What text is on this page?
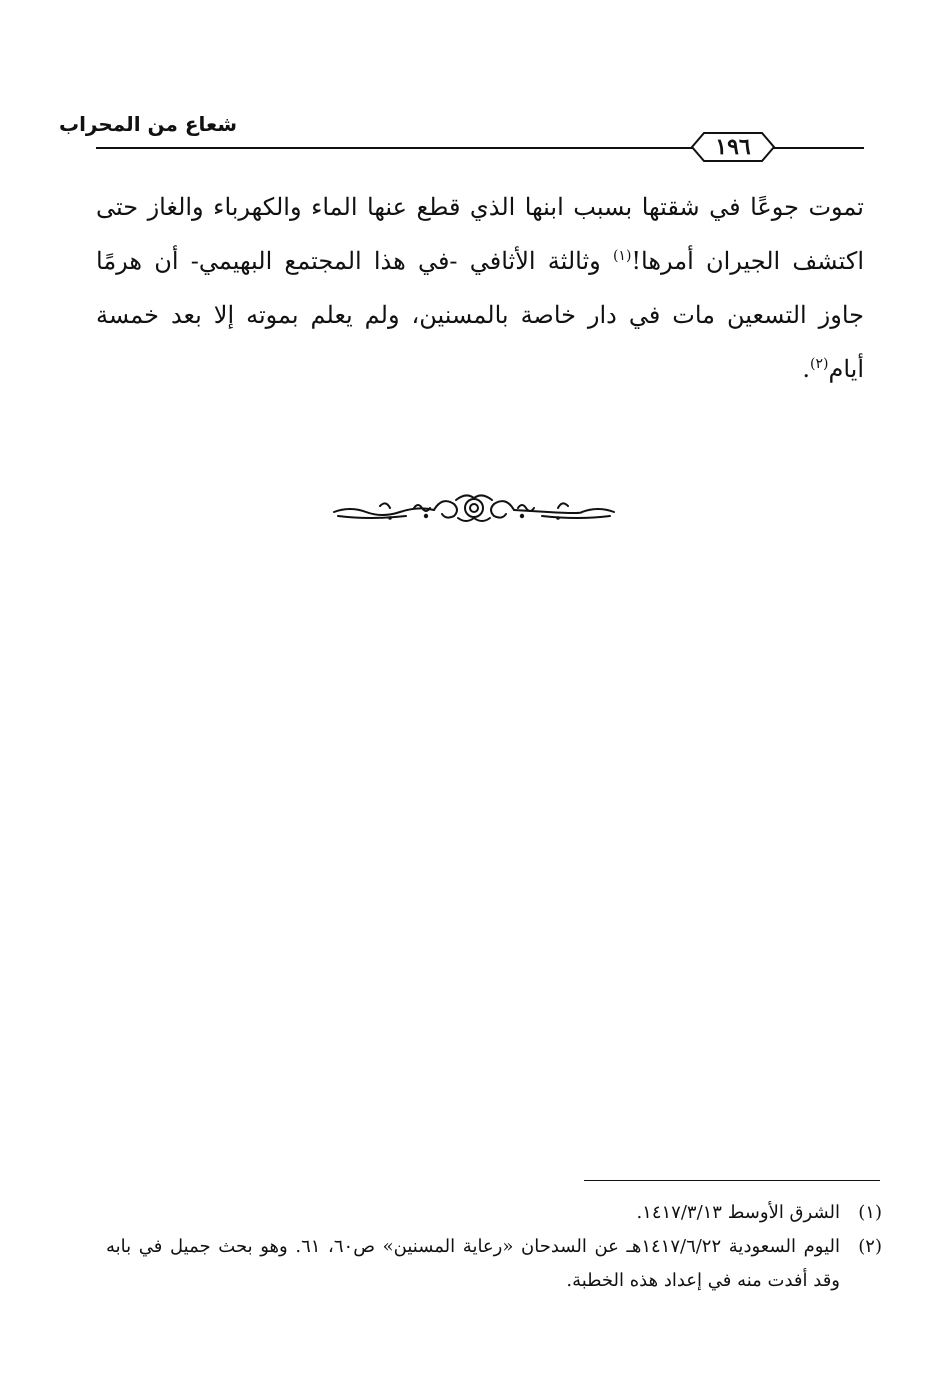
شعاع من المحراب
١٩٦

تموت جوعًا في شقتها بسبب ابنها الذي قطع عنها الماء والكهرباء والغاز حتى اكتشف الجيران أمرها!$^{(١)}$ وثالثة الأثافي -في هذا المجتمع البهيمي- أن هرمًا جاوز التسعين مات في دار خاصة بالمسنين، ولم يعلم بموته إلا بعد خمسة أيام$^{(٢)}$.

(١)
الشرق الأوسط ١٤١٧/٣/١٣.
(٢)
اليوم السعودية ١٤١٧/٦/٢٢هـ عن السدحان «رعاية المسنين» ص٦٠، ٦١. وهو بحث جميل في بابه وقد أفدت منه في إعداد هذه الخطبة.
